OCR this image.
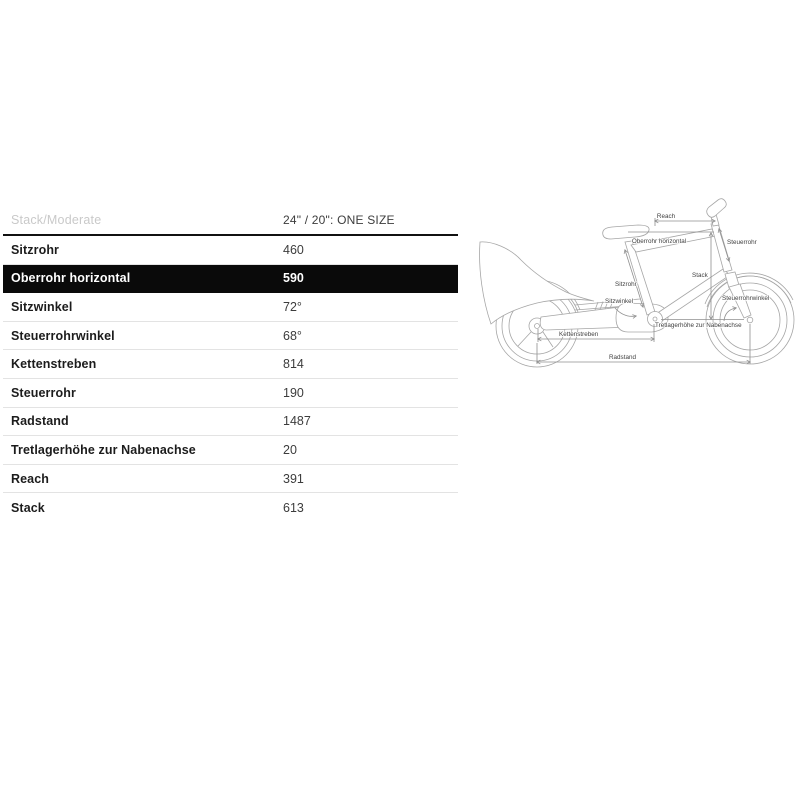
Stack/Moderate	24" / 20": ONE SIZE
Sitzrohr	460
Oberrohr horizontal	590
Sitzwinkel	72°
Steuerrohrwinkel	68°
Kettenstreben	814
Steuerrohr	190
Radstand	1487
Tretlagerhöhe zur Nabenachse	20
Reach	391
Stack	613
Reach
Oberrohr horizontal	Steuerrohr
Sitzrohr
Sitzwinkel
Stack
Steuerrohrwinkel
Tretlagerhöhe zur Nabenachse
Kettenstreben
Radstand
